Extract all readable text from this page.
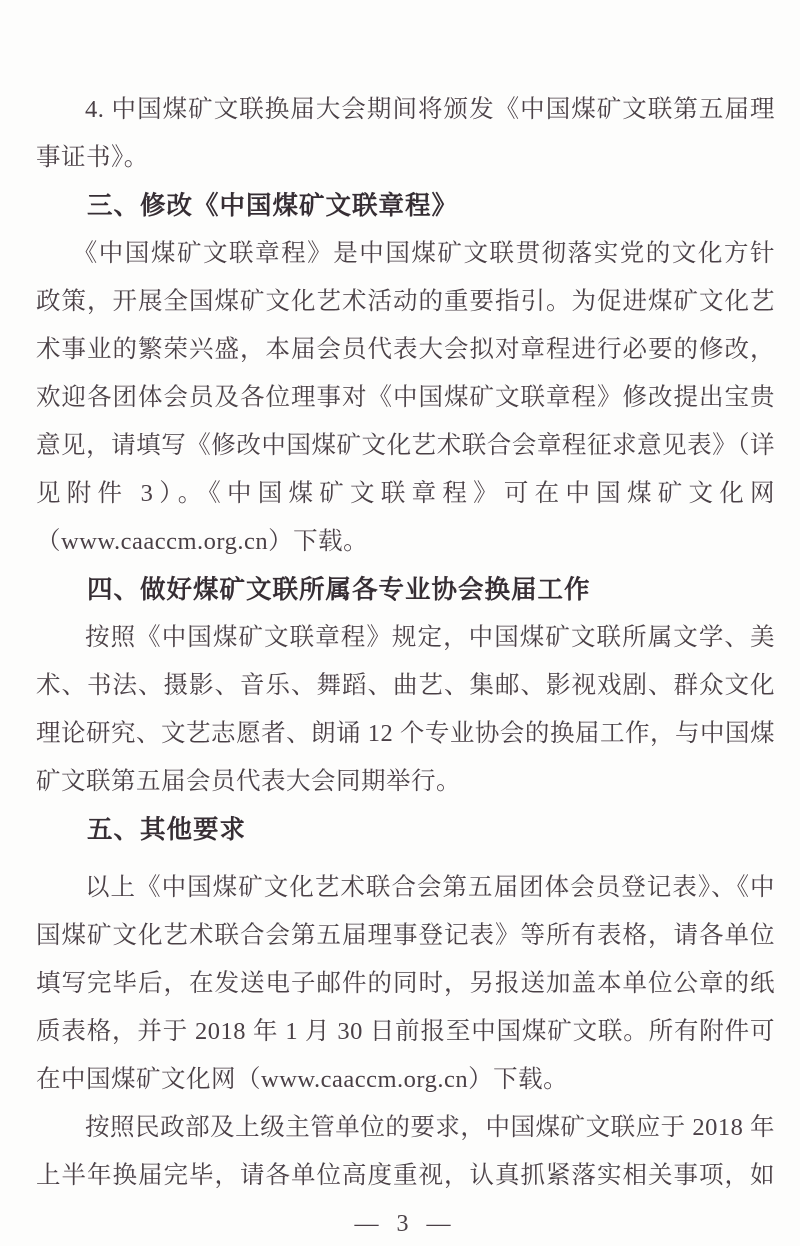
4. 中国煤矿文联换届大会期间将颁发《中国煤矿文联第五届理
事证书》。
三、修改《中国煤矿文联章程》
《中国煤矿文联章程》是中国煤矿文联贯彻落实党的文化方针
政策，开展全国煤矿文化艺术活动的重要指引。为促进煤矿文化艺
术事业的繁荣兴盛，本届会员代表大会拟对章程进行必要的修改，
欢迎各团体会员及各位理事对《中国煤矿文联章程》修改提出宝贵
意见，请填写《修改中国煤矿文化艺术联合会章程征求意见表》（详
见附件 3）。《中国煤矿文联章程》可在中国煤矿文化网
（www.caaccm.org.cn）下载。
四、做好煤矿文联所属各专业协会换届工作
按照《中国煤矿文联章程》规定，中国煤矿文联所属文学、美
术、书法、摄影、音乐、舞蹈、曲艺、集邮、影视戏剧、群众文化
理论研究、文艺志愿者、朗诵 12 个专业协会的换届工作，与中国煤
矿文联第五届会员代表大会同期举行。
五、其他要求
以上《中国煤矿文化艺术联合会第五届团体会员登记表》、《中
国煤矿文化艺术联合会第五届理事登记表》等所有表格，请各单位
填写完毕后，在发送电子邮件的同时，另报送加盖本单位公章的纸
质表格，并于 2018 年 1 月 30 日前报至中国煤矿文联。所有附件可
在中国煤矿文化网（www.caaccm.org.cn）下载。
按照民政部及上级主管单位的要求，中国煤矿文联应于 2018 年
上半年换届完毕，请各单位高度重视，认真抓紧落实相关事项，如
— 3 —
